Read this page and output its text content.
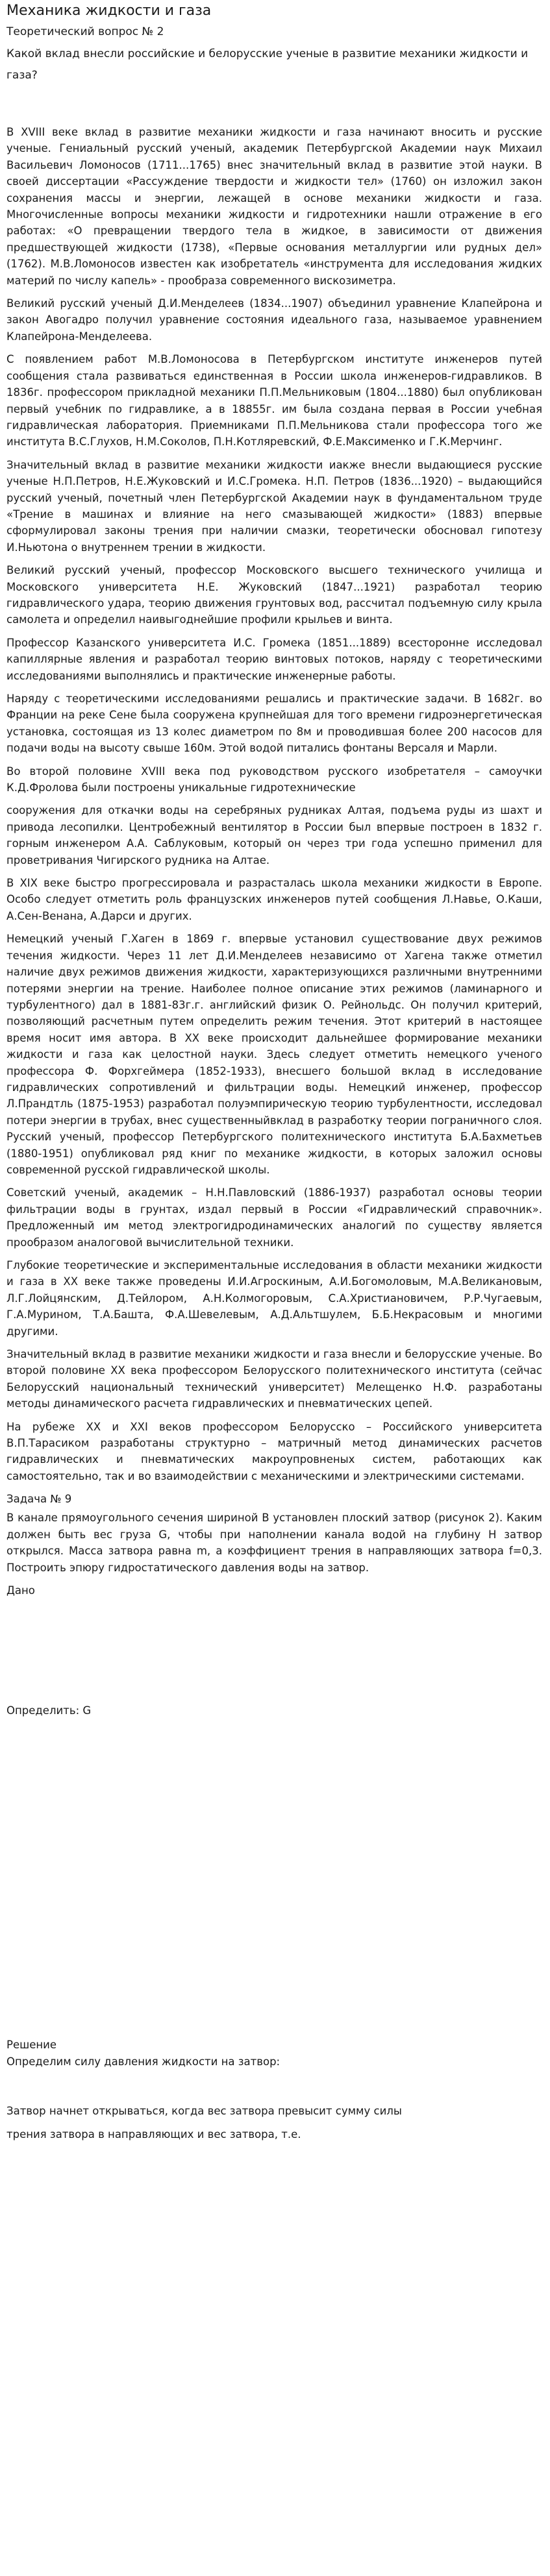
Механика жидкости и газа
Теоретический вопрос № 2
Какой вклад внесли российские и белорусские ученые в развитие механики жидкости и газа?

В XVIII веке вклад в развитие механики жидкости и газа начинают вносить и русские ученые. Гениальный русский ученый, академик Петербургской Академии наук Михаил Васильевич Ломоносов (1711...1765) внес значительный вклад в развитие этой науки. В своей диссертации «Рассуждение твердости и жидкости тел» (1760) он изложил закон сохранения массы и энергии, лежащей в основе механики жидкости и газа. Многочисленные вопросы механики жидкости и гидротехники нашли отражение в его работах: «О превращении твердого тела в жидкое, в зависимости от движения предшествующей жидкости (1738), «Первые основания металлургии или рудных дел» (1762). М.В.Ломоносов известен как изобретатель «инструмента для исследования жидких материй по числу капель» - прообраза современного вискозиметра.

Великий русский ученый Д.И.Менделеев (1834...1907) объединил уравнение Клапейрона и закон Авогадро получил уравнение состояния идеального газа, называемое уравнением Клапейрона-Менделеева.

С появлением работ М.В.Ломоносова в Петербургском институте инженеров путей сообщения стала развиваться единственная в России школа инженеров-гидравликов. В 1836г. профессором прикладной механики П.П.Мельниковым (1804...1880) был опубликован первый учебник по гидравлике, а в 18855г. им была создана первая в России учебная гидравлическая лаборатория. Приемниками П.П.Мельникова стали профессора того же института В.С.Глухов, Н.М.Соколов, П.Н.Котляревский, Ф.Е.Максименко и Г.К.Мерчинг.

Значительный вклад в развитие механики жидкости иакже внесли выдающиеся русские ученые Н.П.Петров, Н.Е.Жуковский и И.С.Громека. Н.П. Петров (1836...1920) – выдающийся русский ученый, почетный член Петербургской Академии наук в фундаментальном труде «Трение в машинах и влияние на него смазывающей жидкости» (1883) впервые сформулировал законы трения при наличии смазки, теоретически обосновал гипотезу И.Ньютона о внутреннем трении в жидкости.

Великий русский ученый, профессор Московского высшего технического училища и Московского университета Н.Е. Жуковский (1847...1921) разработал теорию гидравлического удара, теорию движения грунтовых вод, рассчитал подъемную силу крыла самолета и определил наивыгоднейшие профили крыльев и винта.

Профессор Казанского университета И.С. Громека (1851...1889) всесторонне исследовал капиллярные явления и разработал теорию винтовых потоков, наряду с теоретическими исследованиями выполнялись и практические инженерные работы.

Наряду с теоретическими исследованиями решались и практические задачи. В 1682г. во Франции на реке Сене была сооружена крупнейшая для того времени гидроэнергетическая установка, состоящая из 13 колес диаметром по 8м и проводившая более 200 насосов для подачи воды на высоту свыше 160м. Этой водой питались фонтаны Версаля и Марли.

Во второй половине XVIII века под руководством русского изобретателя – самоучки К.Д.Фролова были построены уникальные гидротехнические

сооружения для откачки воды на серебряных рудниках Алтая, подъема руды из шахт и привода лесопилки. Центробежный вентилятор в России был впервые построен в 1832 г. горным инженером А.А. Саблуковым, который он через три года успешно применил для проветривания Чигирского рудника на Алтае.

В XIX веке быстро прогрессировала и разрасталась школа механики жидкости в Европе. Особо следует отметить роль французских инженеров путей сообщения Л.Навье, О.Каши, А.Сен-Венана, А.Дарси и других.

Немецкий ученый Г.Хаген в 1869 г. впервые установил существование двух режимов течения жидкости. Через 11 лет Д.И.Менделеев независимо от Хагена также отметил наличие двух режимов движения жидкости, характеризующихся различными внутренними потерями энергии на трение. Наиболее полное описание этих режимов (ламинарного и турбулентного) дал в 1881-83г.г. английский физик О. Рейнольдс. Он получил критерий, позволяющий расчетным путем определить режим течения. Этот критерий в настоящее время носит имя автора. В XX веке происходит дальнейшее формирование механики жидкости и газа как целостной науки. Здесь следует отметить немецкого ученого профессора Ф. Форхгеймера (1852-1933), внесшего большой вклад в исследование гидравлических сопротивлений и фильтрации воды. Немецкий инженер, профессор Л.Прандтль (1875-1953) разработал полуэмпирическую теорию турбулентности, исследовал потери энергии в трубах, внес существенныйвклад в разработку теории пограничного слоя. Русский ученый, профессор Петербургского политехнического института Б.А.Бахметьев (1880-1951) опубликовал ряд книг по механике жидкости, в которых заложил основы современной русской гидравлической школы.

Советский ученый, академик – Н.Н.Павловский (1886-1937) разработал основы теории фильтрации воды в грунтах, издал первый в России «Гидравлический справочник». Предложенный им метод электрогидродинамических аналогий по существу является прообразом аналоговой вычислительной техники.

Глубокие теоретические и экспериментальные исследования в области механики жидкости и газа в XX веке также проведены И.И.Агроскиным, А.И.Богомоловым, М.А.Великановым, Л.Г.Лойцянским, Д.Тейлором, А.Н.Колмогоровым, С.А.Христиановичем, Р.Р.Чугаевым, Г.А.Мурином, Т.А.Башта, Ф.А.Шевелевым, А.Д.Альтшулем, Б.Б.Некрасовым и многими другими.

Значительный вклад в развитие механики жидкости и газа внесли и белорусские ученые. Во второй половине XX века профессором Белорусского политехнического института (сейчас Белорусский национальный технический университет) Мелещенко Н.Ф. разработаны методы динамического расчета гидравлических и пневматических цепей.

На рубеже XX и XXI веков профессором Белорусско – Российского университета В.П.Тарасиком разработаны структурно – матричный метод динамических расчетов гидравлических и пневматических макроупровненых систем, работающих как самостоятельно, так и во взаимодействии с механическими и электрическими системами.

Задача № 9

В канале прямоугольного сечения шириной В установлен плоский затвор (рисунок 2). Каким должен быть вес груза G, чтобы при наполнении канала водой на глубину Н затвор открылся. Масса затвора равна m, а коэффициент трения в направляющих затвора f=0,3. Построить эпюру гидростатического давления воды на затвор.

Дано
Определить: G
Решение
Определим силу давления жидкости на затвор:
Затвор начнет открываться, когда вес затвора превысит сумму силы
трения затвора в направляющих и вес затвора, т.е.
